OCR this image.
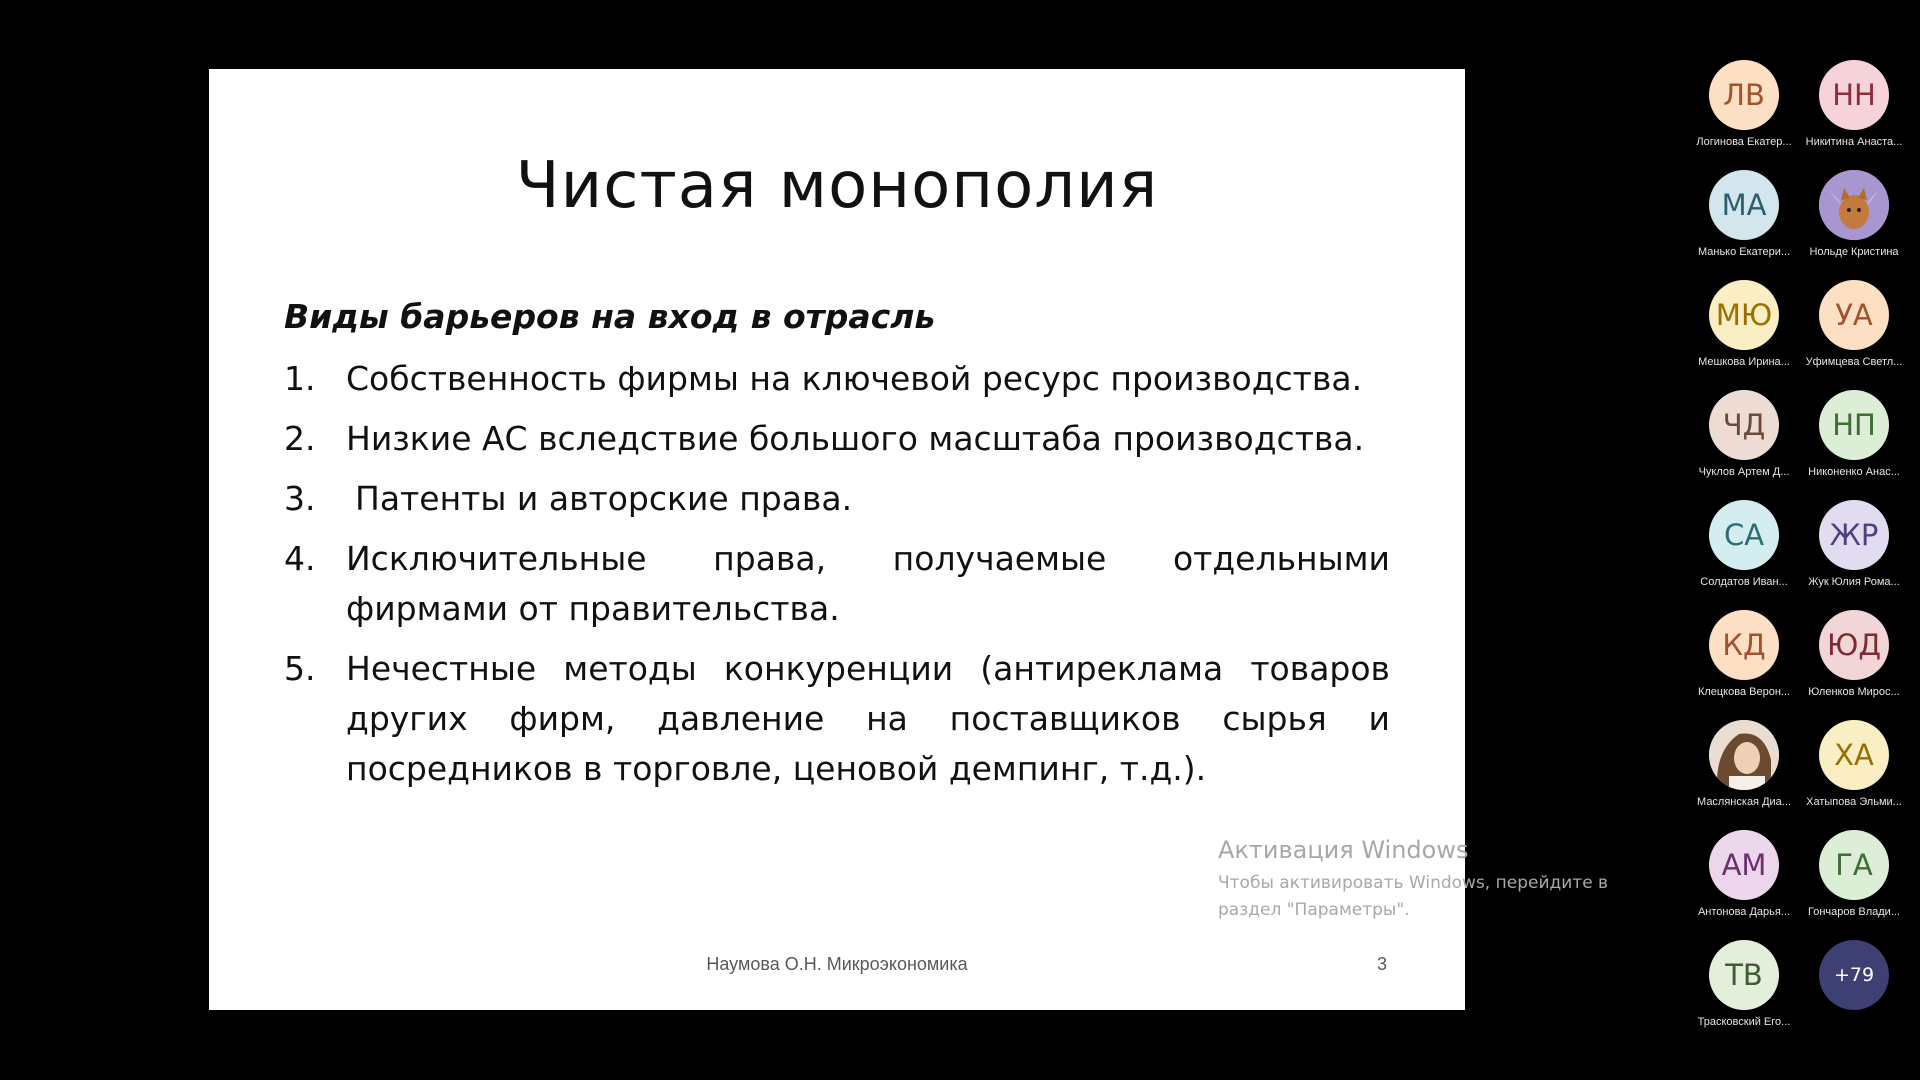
Чистая монополия
Виды барьеров на вход в отрасль
1. Собственность фирмы на ключевой ресурс производства.
2. Низкие АС вследствие большого масштаба производства.
3. Патенты и авторские права.
4. Исключительные права, получаемые отдельными фирмами от правительства.
5. Нечестные методы конкуренции (антиреклама товаров других фирм, давление на поставщиков сырья и посредников в торговле, ценовой демпинг, т.д.).
Наумова О.Н. Микроэкономика	3
Активация Windows
Чтобы активировать Windows, перейдите в раздел "Параметры".
ЛВ
Логинова Екатер...
НН
Никитина Анаста...
МА
Манько Екатери...	Нольде Кристина
МЮ
Мешкова Ирина...
УА
Уфимцева Светл...
ЧД
Чуклов Артем Д...
НП
Никоненко Анас...
СА
Солдатов Иван...
ЖР
Жук Юлия Рома...
КД
Клецкова Верон...
ЮД
Юленков Мирос...
Маслянская Диа...
ХА
Хатыпова Эльми...
АМ
Антонова Дарья...
ГА
Гончаров Влади...
ТВ
Трасковский Его...
+79
